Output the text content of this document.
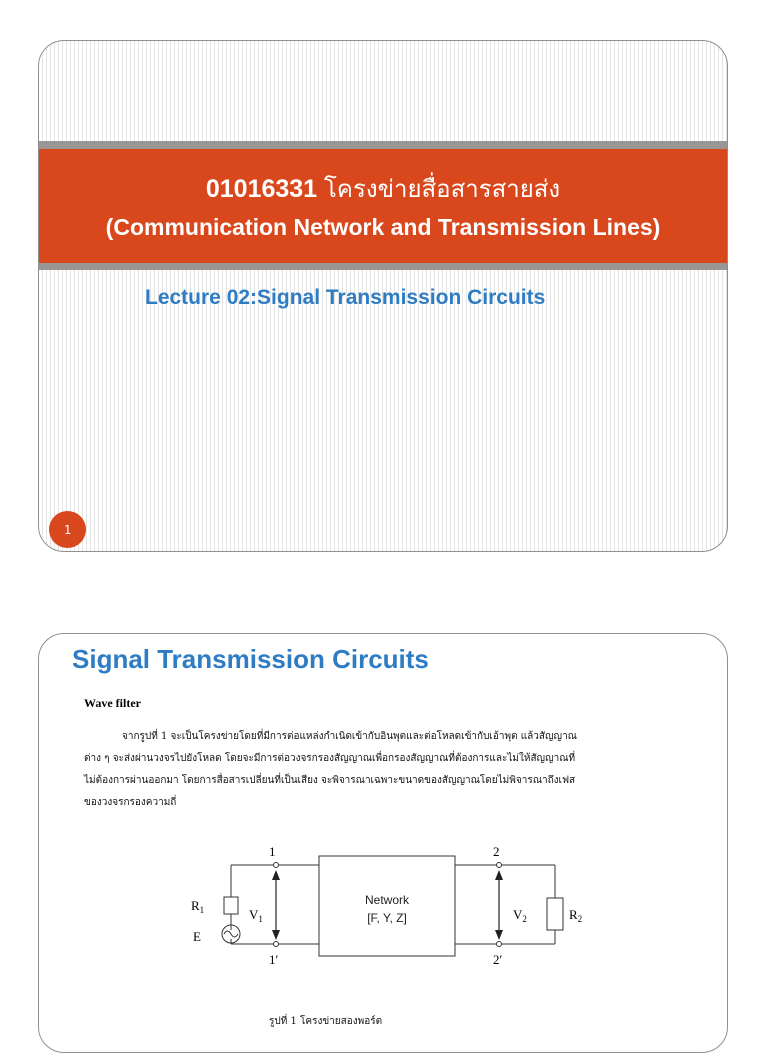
01016331 โครงข่ายสื่อสารสายส่ง
(Communication Network and Transmission Lines)
Lecture 02:Signal Transmission Circuits
1
Signal Transmission Circuits
Wave filter
จากรูปที่ 1 จะเป็นโครงข่ายโดยที่มีการต่อแหล่งกำเนิดเข้ากับอินพุตและต่อโหลดเข้ากับเอ้าพุต แล้วสัญญาณ
ต่าง ๆ จะส่งผ่านวงจรไปยังโหลด โดยจะมีการต่อวงจรกรองสัญญาณเพื่อกรองสัญญาณที่ต้องการและไม่ให้สัญญาณที่
ไม่ต้องการผ่านออกมา โดยการสื่อสารเปลี่ยนที่เป็นเสียง จะพิจารณาเฉพาะขนาดของสัญญาณโดยไม่พิจารณาถึงเฟส
ของวงจรกรองความถี่
1
1′
2
2′
$R_1$	$R_2$
$V_1$	$V_2$
E
Network
[F, Y, Z]
รูปที่ 1 โครงข่ายสองพอร์ต
